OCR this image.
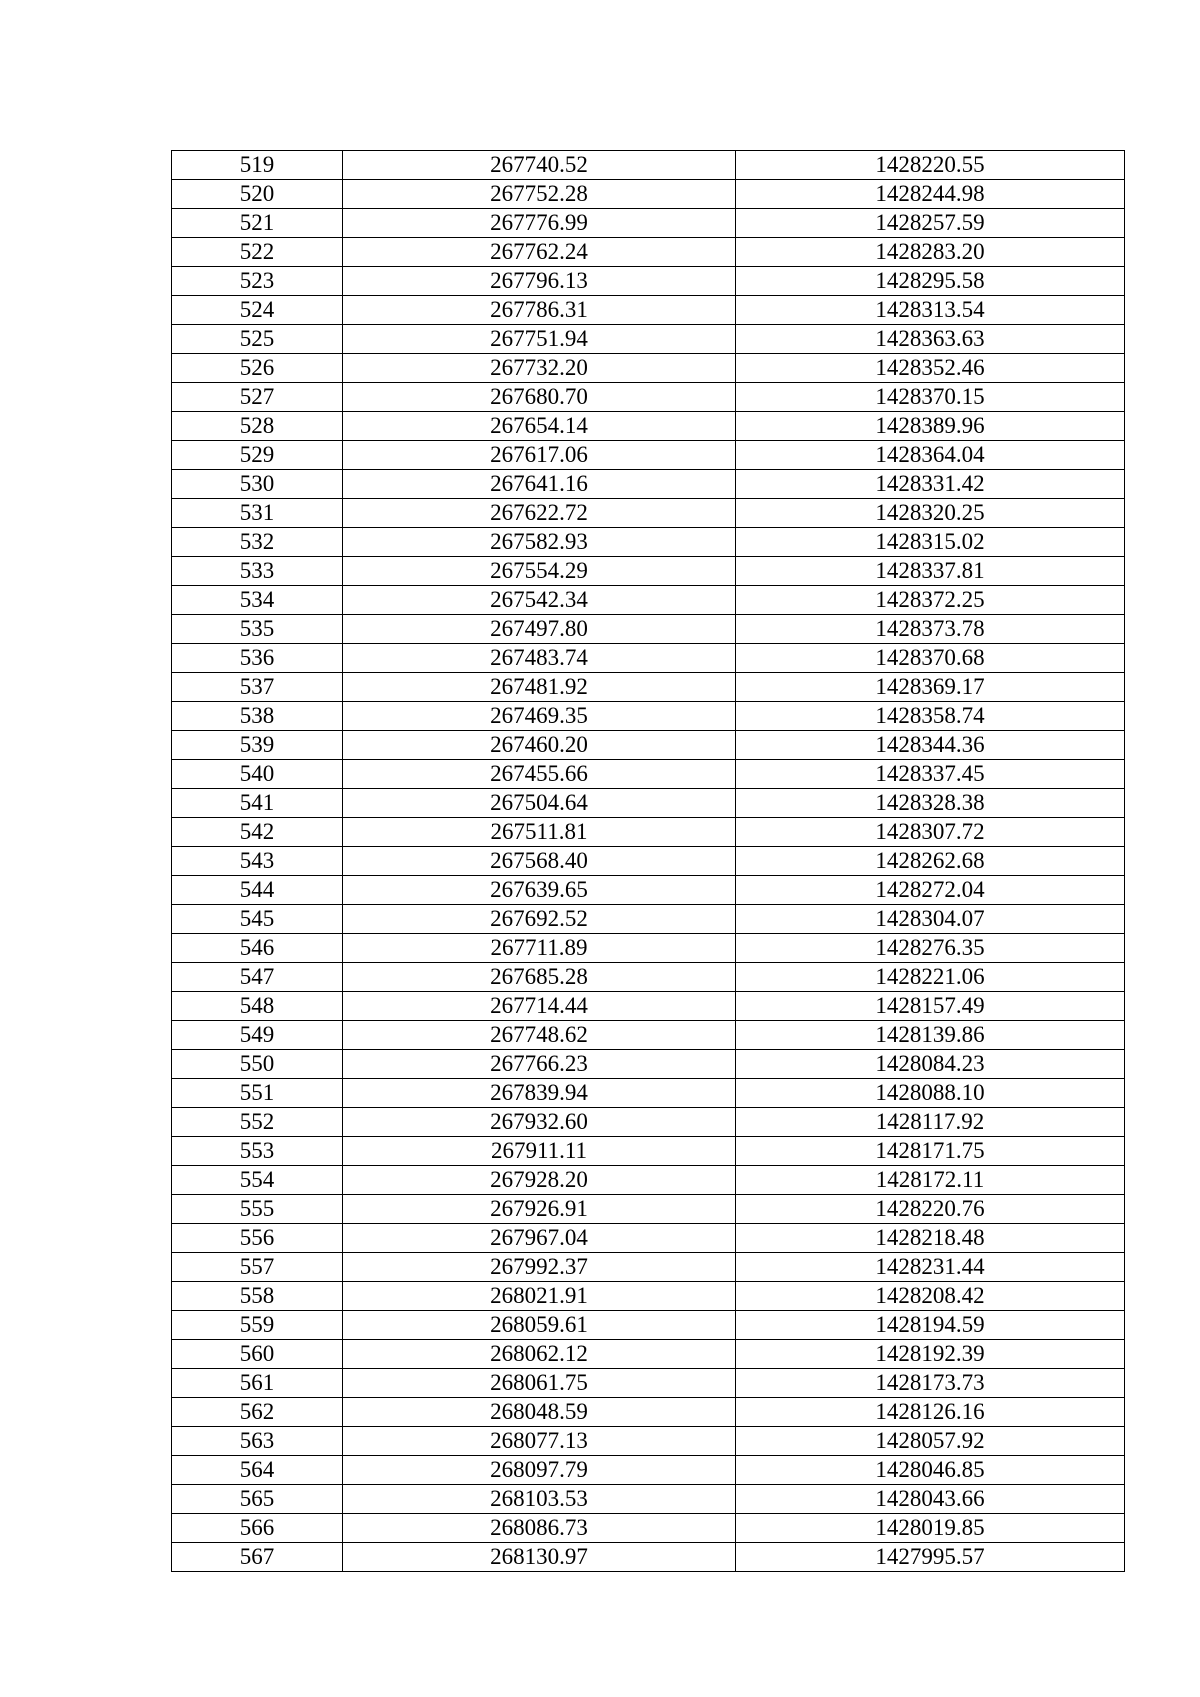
519	267740.52	1428220.55
520	267752.28	1428244.98
521	267776.99	1428257.59
522	267762.24	1428283.20
523	267796.13	1428295.58
524	267786.31	1428313.54
525	267751.94	1428363.63
526	267732.20	1428352.46
527	267680.70	1428370.15
528	267654.14	1428389.96
529	267617.06	1428364.04
530	267641.16	1428331.42
531	267622.72	1428320.25
532	267582.93	1428315.02
533	267554.29	1428337.81
534	267542.34	1428372.25
535	267497.80	1428373.78
536	267483.74	1428370.68
537	267481.92	1428369.17
538	267469.35	1428358.74
539	267460.20	1428344.36
540	267455.66	1428337.45
541	267504.64	1428328.38
542	267511.81	1428307.72
543	267568.40	1428262.68
544	267639.65	1428272.04
545	267692.52	1428304.07
546	267711.89	1428276.35
547	267685.28	1428221.06
548	267714.44	1428157.49
549	267748.62	1428139.86
550	267766.23	1428084.23
551	267839.94	1428088.10
552	267932.60	1428117.92
553	267911.11	1428171.75
554	267928.20	1428172.11
555	267926.91	1428220.76
556	267967.04	1428218.48
557	267992.37	1428231.44
558	268021.91	1428208.42
559	268059.61	1428194.59
560	268062.12	1428192.39
561	268061.75	1428173.73
562	268048.59	1428126.16
563	268077.13	1428057.92
564	268097.79	1428046.85
565	268103.53	1428043.66
566	268086.73	1428019.85
567	268130.97	1427995.57
